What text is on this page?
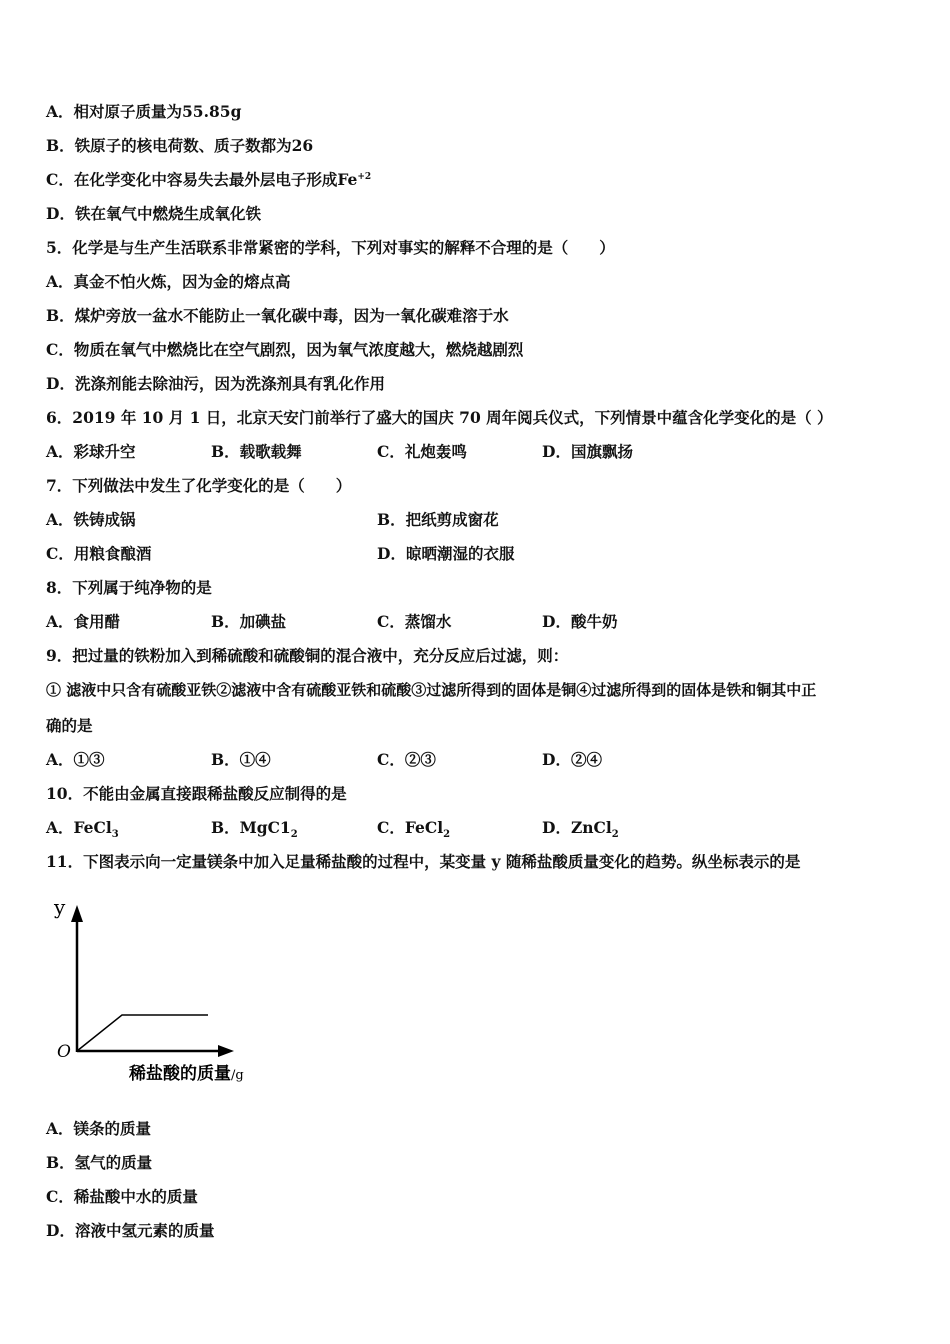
A．相对原子质量为55.85g
B．铁原子的核电荷数、质子数都为26
C．在化学变化中容易失去最外层电子形成$Fe^{+2}$
D．铁在氧气中燃烧生成氧化铁
5．化学是与生产生活联系非常紧密的学科，下列对事实的解释不合理的是（　　）
A．真金不怕火炼，因为金的熔点高
B．煤炉旁放一盆水不能防止一氧化碳中毒，因为一氧化碳难溶于水
C．物质在氧气中燃烧比在空气剧烈，因为氧气浓度越大，燃烧越剧烈
D．洗涤剂能去除油污，因为洗涤剂具有乳化作用
6．2019 年 10 月 1 日，北京天安门前举行了盛大的国庆 70 周年阅兵仪式，下列情景中蕴含化学变化的是（ ）
A．彩球升空	B．载歌载舞	C．礼炮轰鸣	D．国旗飘扬
7．下列做法中发生了化学变化的是（　　）
A．铁铸成锅	B．把纸剪成窗花
C．用粮食酿酒	D．晾晒潮湿的衣服
8．下列属于纯净物的是
A．食用醋	B．加碘盐	C．蒸馏水	D．酸牛奶
9．把过量的铁粉加入到稀硫酸和硫酸铜的混合液中，充分反应后过滤，则：
① 滤液中只含有硫酸亚铁②滤液中含有硫酸亚铁和硫酸③过滤所得到的固体是铜④过滤所得到的固体是铁和铜其中正
确的是
A．①③	B．①④	C．②③	D．②④
10．不能由金属直接跟稀盐酸反应制得的是
A．FeCl$_3$	B．$MgC1_2$	C．FeCl$_2$	D．ZnCl$_2$
11．下图表示向一定量镁条中加入足量稀盐酸的过程中，某变量 y 随稀盐酸质量变化的趋势。纵坐标表示的是
y
O
稀盐酸的质量/g
A．镁条的质量
B．氢气的质量
C．稀盐酸中水的质量
D．溶液中氢元素的质量
